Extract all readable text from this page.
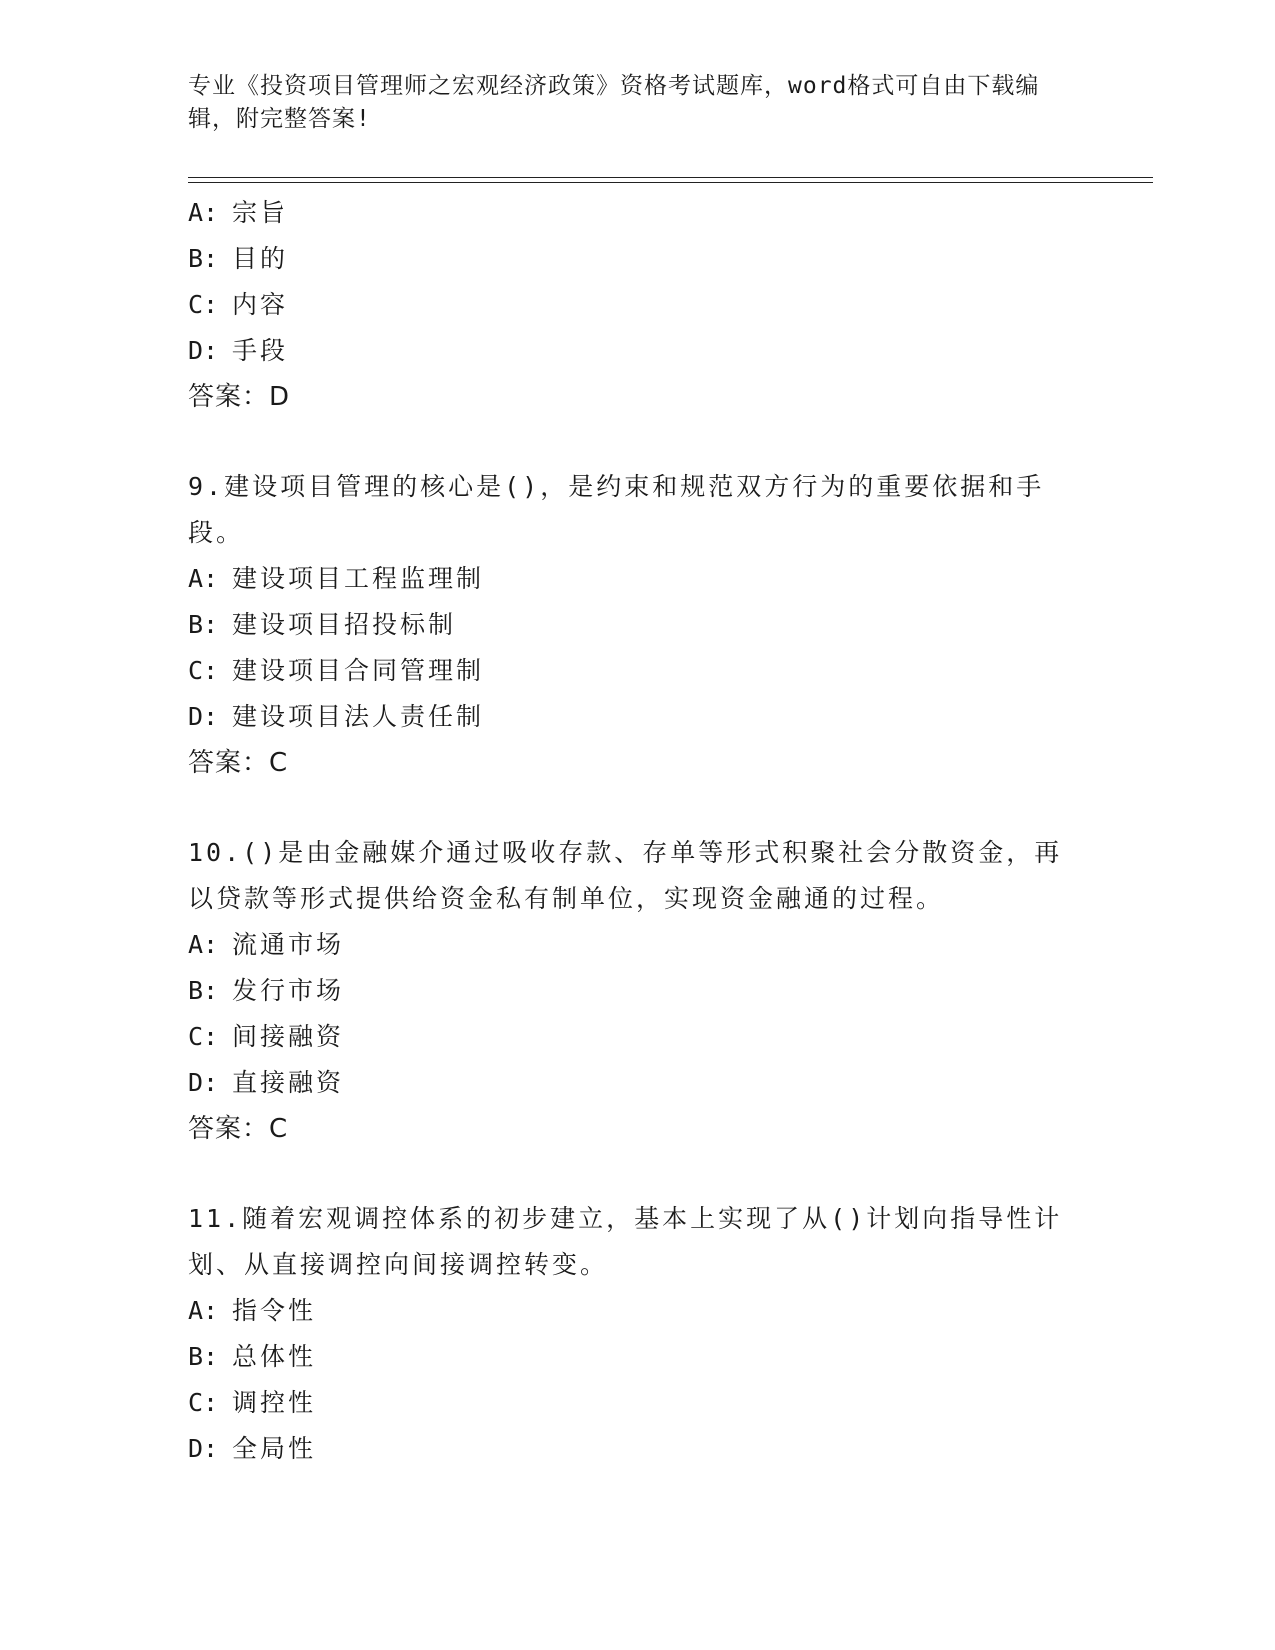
专业《投资项目管理师之宏观经济政策》资格考试题库，word格式可自由下载编
辑，附完整答案!
A: 宗旨
B: 目的
C: 内容
D: 手段
答案：D
9.建设项目管理的核心是()，是约束和规范双方行为的重要依据和手
段。
A: 建设项目工程监理制
B: 建设项目招投标制
C: 建设项目合同管理制
D: 建设项目法人责任制
答案：C
10.()是由金融媒介通过吸收存款、存单等形式积聚社会分散资金，再
以贷款等形式提供给资金私有制单位，实现资金融通的过程。
A: 流通市场
B: 发行市场
C: 间接融资
D: 直接融资
答案：C
11.随着宏观调控体系的初步建立，基本上实现了从()计划向指导性计
划、从直接调控向间接调控转变。
A: 指令性
B: 总体性
C: 调控性
D: 全局性
